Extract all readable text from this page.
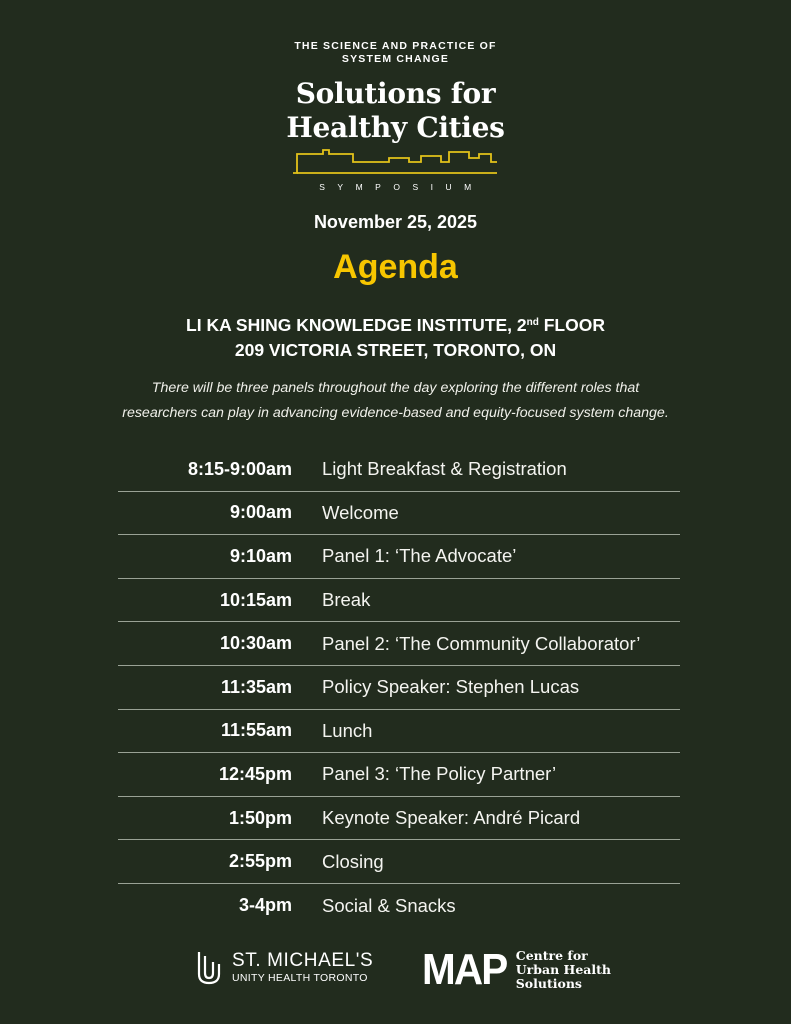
THE SCIENCE AND PRACTICE OF
SYSTEM CHANGE
Solutions for
Healthy Cities
SYMPOSIUM
November 25, 2025
Agenda
LI KA SHING KNOWLEDGE INSTITUTE, 2nd FLOOR
209 VICTORIA STREET, TORONTO, ON
There will be three panels throughout the day exploring the different roles that
researchers can play in advancing evidence-based and equity-focused system change.
8:15-9:00am	Light Breakfast & Registration
9:00am	Welcome
9:10am	Panel 1: ‘The Advocate’
10:15am	Break
10:30am	Panel 2: ‘The Community Collaborator’
11:35am	Policy Speaker: Stephen Lucas
11:55am	Lunch
12:45pm	Panel 3: ‘The Policy Partner’
1:50pm	Keynote Speaker: André Picard
2:55pm	Closing
3-4pm	Social & Snacks
ST. MICHAEL'S
UNITY HEALTH TORONTO MAP Centre for
Urban Health
Solutions
